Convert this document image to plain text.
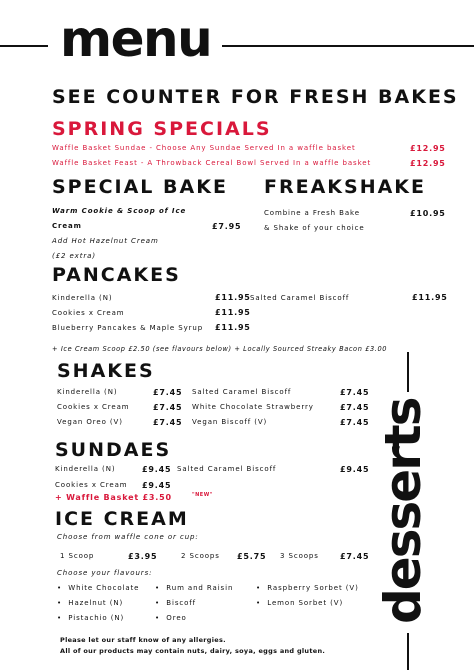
menu
SEE COUNTER FOR FRESH BAKES
SPRING SPECIALS
Waffle Basket Sundae - Choose Any Sundae Served In a waffle basket	£12.95
Waffle Basket Feast - A Throwback Cereal Bowl Served In a waffle basket	£12.95
SPECIAL BAKE
Warm Cookie & Scoop of Ice
Cream	£7.95
Add Hot Hazelnut Cream
(£2 extra)
FREAKSHAKE
Combine a Fresh Bake	£10.95
& Shake of your choice
PANCAKES
Kinderella (N)	£11.95
Cookies x Cream	£11.95
Blueberry Pancakes & Maple Syrup £11.95
Salted Caramel Biscoff	£11.95
+ Ice Cream Scoop £2.50 (see flavours below) + Locally Sourced Streaky Bacon £3.00
SHAKES
Kinderella (N)	£7.45
Cookies x Cream	£7.45
Vegan Oreo (V)	£7.45
Salted Caramel Biscoff	£7.45
White Chocolate Strawberry	£7.45
Vegan Biscoff (V)	£7.45
SUNDAES
Kinderella (N)	£9.45
Cookies x Cream £9.45
Salted Caramel Biscoff	£9.45
+ Waffle Basket £3.50	"NEW"
ICE CREAM
Choose from waffle cone or cup:
1 Scoop	£3.95	2 Scoops £5.75 3 Scoops	£7.45
Choose your flavours:
•  White Chocolate
•  Hazelnut (N)
•  Pistachio (N)
•  Rum and Raisin
•  Biscoff
•  Oreo
•  Raspberry Sorbet (V)
•  Lemon Sorbet (V) desserts
Please let our staff know of any allergies.
All of our products may contain nuts, dairy, soya, eggs and gluten.
